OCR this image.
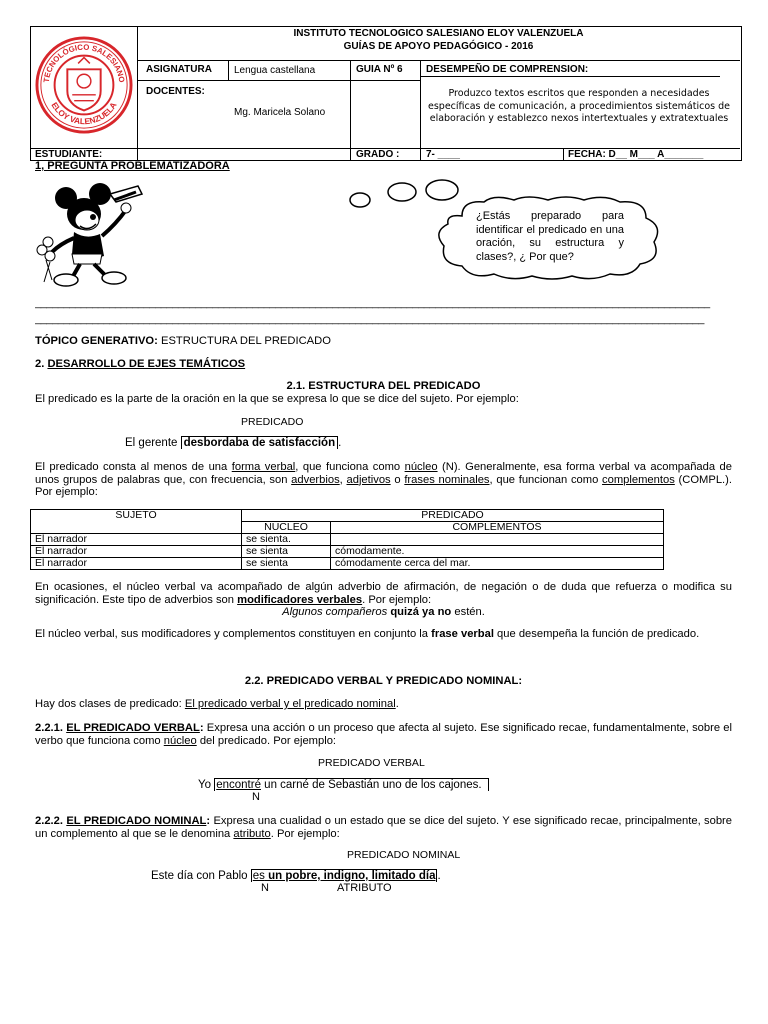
TECNOLÓGICO SALESIANO
ELOY VALENZUELA
INSTITUTO TECNOLOGICO SALESIANO ELOY VALENZUELA
GUÍAS DE APOYO PEDAGÓGICO - 2016
ASIGNATURA Lengua castellana	GUIA Nº 6 DESEMPEÑO DE COMPRENSION:
DOCENTES:
Mg. Maricela Solano
Produzco textos escritos que responden a necesidades específicas de comunicación, a procedimientos sistemáticos de elaboración y establezco nexos intertextuales y extratextuales
ESTUDIANTE:	GRADO :	7- ____	FECHA: D__ M___ A_______
1, PREGUNTA PROBLEMATIZADORA
¿Estás preparado para identificar el predicado en una oración, su estructura y clases?, ¿ Por que?
______________________________________________________________________________________________________________________
_____________________________________________________________________________________________________________________
TÓPICO GENERATIVO: ESTRUCTURA DEL PREDICADO
2. DESARROLLO DE EJES TEMÁTICOS
2.1. ESTRUCTURA DEL PREDICADO
El predicado es la parte de la oración en la que se expresa lo que se dice del sujeto. Por ejemplo:
PREDICADO
El gerente desbordaba de satisfacción .
El predicado consta al menos de una forma verbal, que funciona como núcleo (N). Generalmente, esa forma verbal va acompañada de unos grupos de palabras que, con frecuencia, son adverbios, adjetivos o frases nominales, que funcionan como complementos (COMPL.). Por ejemplo:
SUJETO	PREDICADO	
	NUCLEO	COMPLEMENTOS
El narrador	se sienta.	
El narrador	se sienta	cómodamente.
El narrador	se sienta	cómodamente cerca del mar.
En ocasiones, el núcleo verbal va acompañado de algún adverbio de afirmación, de negación o de duda que refuerza o modifica su significación. Este tipo de adverbios son modificadores verbales. Por ejemplo:
Algunos compañeros quizá ya no estén.
El núcleo verbal, sus modificadores y complementos constituyen en conjunto la frase verbal que desempeña la función de predicado.
2.2. PREDICADO VERBAL Y PREDICADO NOMINAL:
Hay dos clases de predicado: El predicado verbal y el predicado nominal.
2.2.1. EL PREDICADO VERBAL: Expresa una acción o un proceso que afecta al sujeto. Ese significado recae, fundamentalmente, sobre el verbo que funciona como núcleo del predicado. Por ejemplo:
PREDICADO VERBAL
Yo encontré un carné de Sebastián uno de los cajones.
N
2.2.2. EL PREDICADO NOMINAL: Expresa una cualidad o un estado que se dice del sujeto. Y ese significado recae, principalmente, sobre un complemento al que se le denomina atributo. Por ejemplo:
PREDICADO NOMINAL
Este día con Pablo es un pobre, indigno, limitado día .
N	ATRIBUTO
